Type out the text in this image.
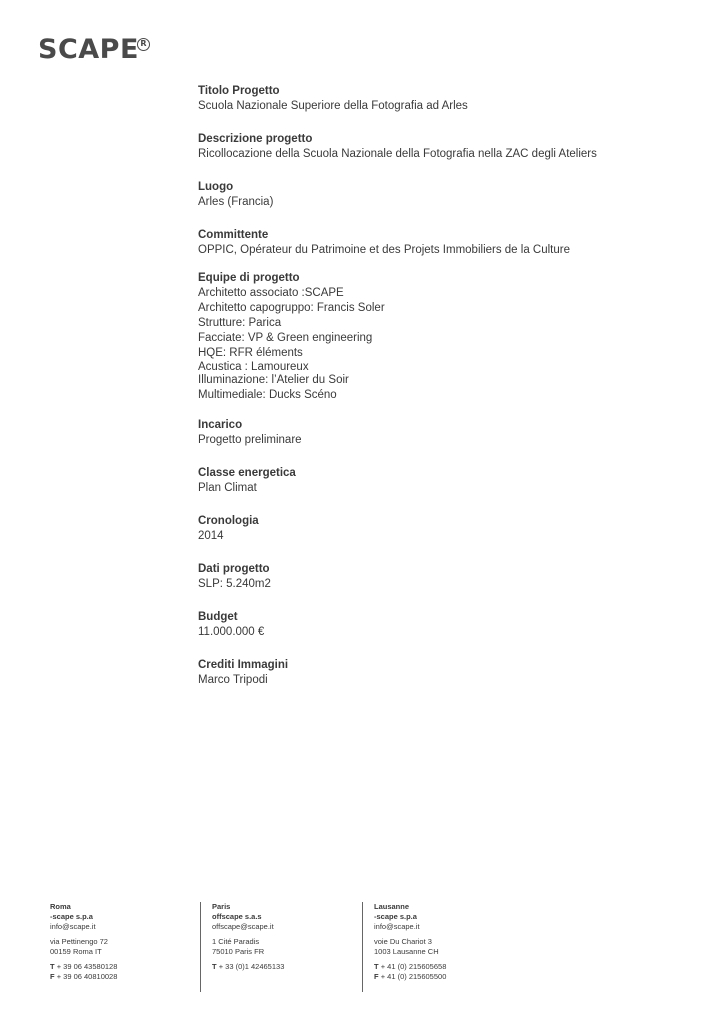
SCAPE R
Titolo Progetto
Scuola Nazionale Superiore della Fotografia ad Arles
Descrizione progetto
Ricollocazione della Scuola Nazionale della Fotografia nella ZAC degli Ateliers
Luogo
Arles (Francia)
Committente
OPPIC, Opérateur du Patrimoine et des Projets Immobiliers de la Culture
Equipe di progetto
Architetto associato :SCAPE
Architetto capogruppo: Francis Soler
Strutture: Parica
Facciate: VP & Green engineering
HQE: RFR éléments
Acustica : Lamoureux
Illuminazione: l’Atelier du Soir
Multimediale: Ducks Scéno
Incarico
Progetto preliminare
Classe energetica
Plan Climat
Cronologia
2014
Dati progetto
SLP: 5.240m2
Budget
11.000.000 €
Crediti Immagini
Marco Tripodi
Roma
-scape s.p.a
info@scape.it
via Pettinengo 72
00159 Roma IT
T + 39 06 43580128
F + 39 06 40810028
Paris
offscape s.a.s
offscape@scape.it
1 Cité Paradis
75010 Paris FR
T + 33 (0)1 42465133
Lausanne
-scape s.p.a
info@scape.it
voie Du Chariot 3
1003 Lausanne CH
T + 41 (0) 215605658
F + 41 (0) 215605500
